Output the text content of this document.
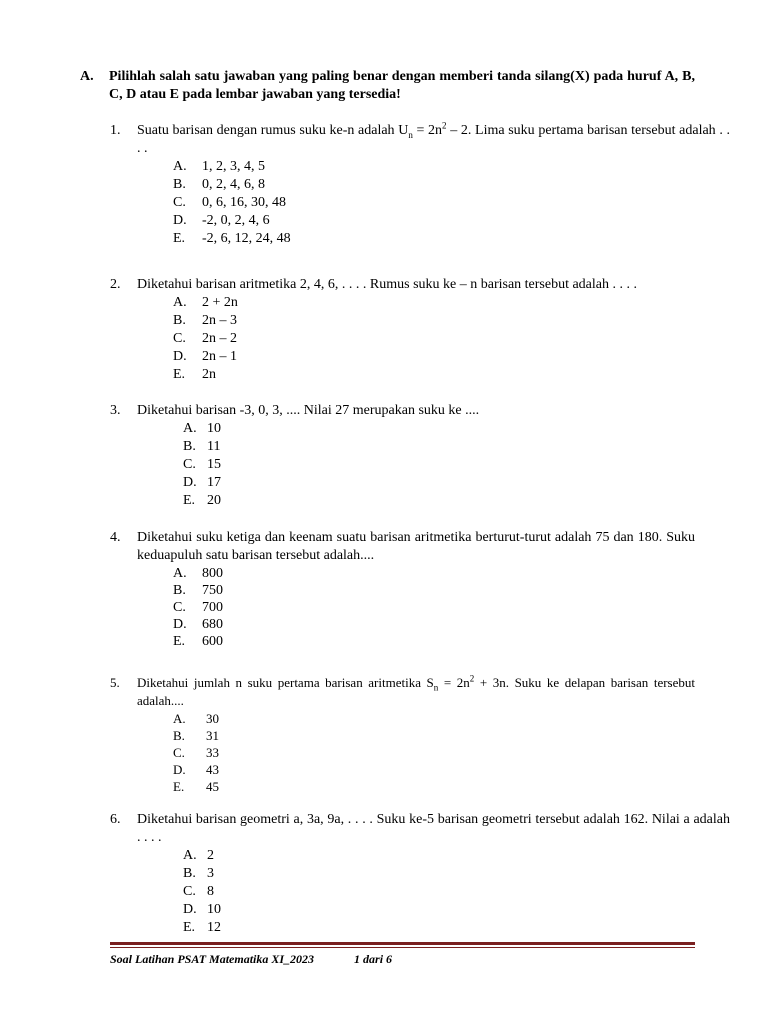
A. Pilihlah salah satu jawaban yang paling benar dengan memberi tanda silang(X) pada huruf A, B, C, D atau E pada lembar jawaban yang tersedia!
1. Suatu barisan dengan rumus suku ke-n adalah $U_n = 2n^2 - 2$. Lima suku pertama barisan tersebut adalah . . . .
A. 1, 2, 3, 4, 5
B. 0, 2, 4, 6, 8
C. 0, 6, 16, 30, 48
D. -2, 0, 2, 4, 6
E. -2, 6, 12, 24, 48
2. Diketahui barisan aritmetika 2, 4, 6, . . . . Rumus suku ke – n barisan tersebut adalah . . . .
A. 2 + 2n
B. 2n – 3
C. 2n – 2
D. 2n – 1
E. 2n
3. Diketahui barisan -3, 0, 3, .... Nilai 27 merupakan suku ke ....
A. 10
B. 11
C. 15
D. 17
E. 20
4. Diketahui suku ketiga dan keenam suatu barisan aritmetika berturut-turut adalah 75 dan 180. Suku keduapuluh satu barisan tersebut adalah....
A. 800
B. 750
C. 700
D. 680
E. 600
5. Diketahui jumlah n suku pertama barisan aritmetika $S_n = 2n^2 + 3n$. Suku ke delapan barisan tersebut adalah....
A. 30
B. 31
C. 33
D. 43
E. 45
6. Diketahui barisan geometri a, 3a, 9a, . . . . Suku ke-5 barisan geometri tersebut adalah 162. Nilai a adalah . . . .
A. 2
B. 3
C. 8
D. 10
E. 12
Soal Latihan PSAT Matematika XI_2023	1 dari 6
